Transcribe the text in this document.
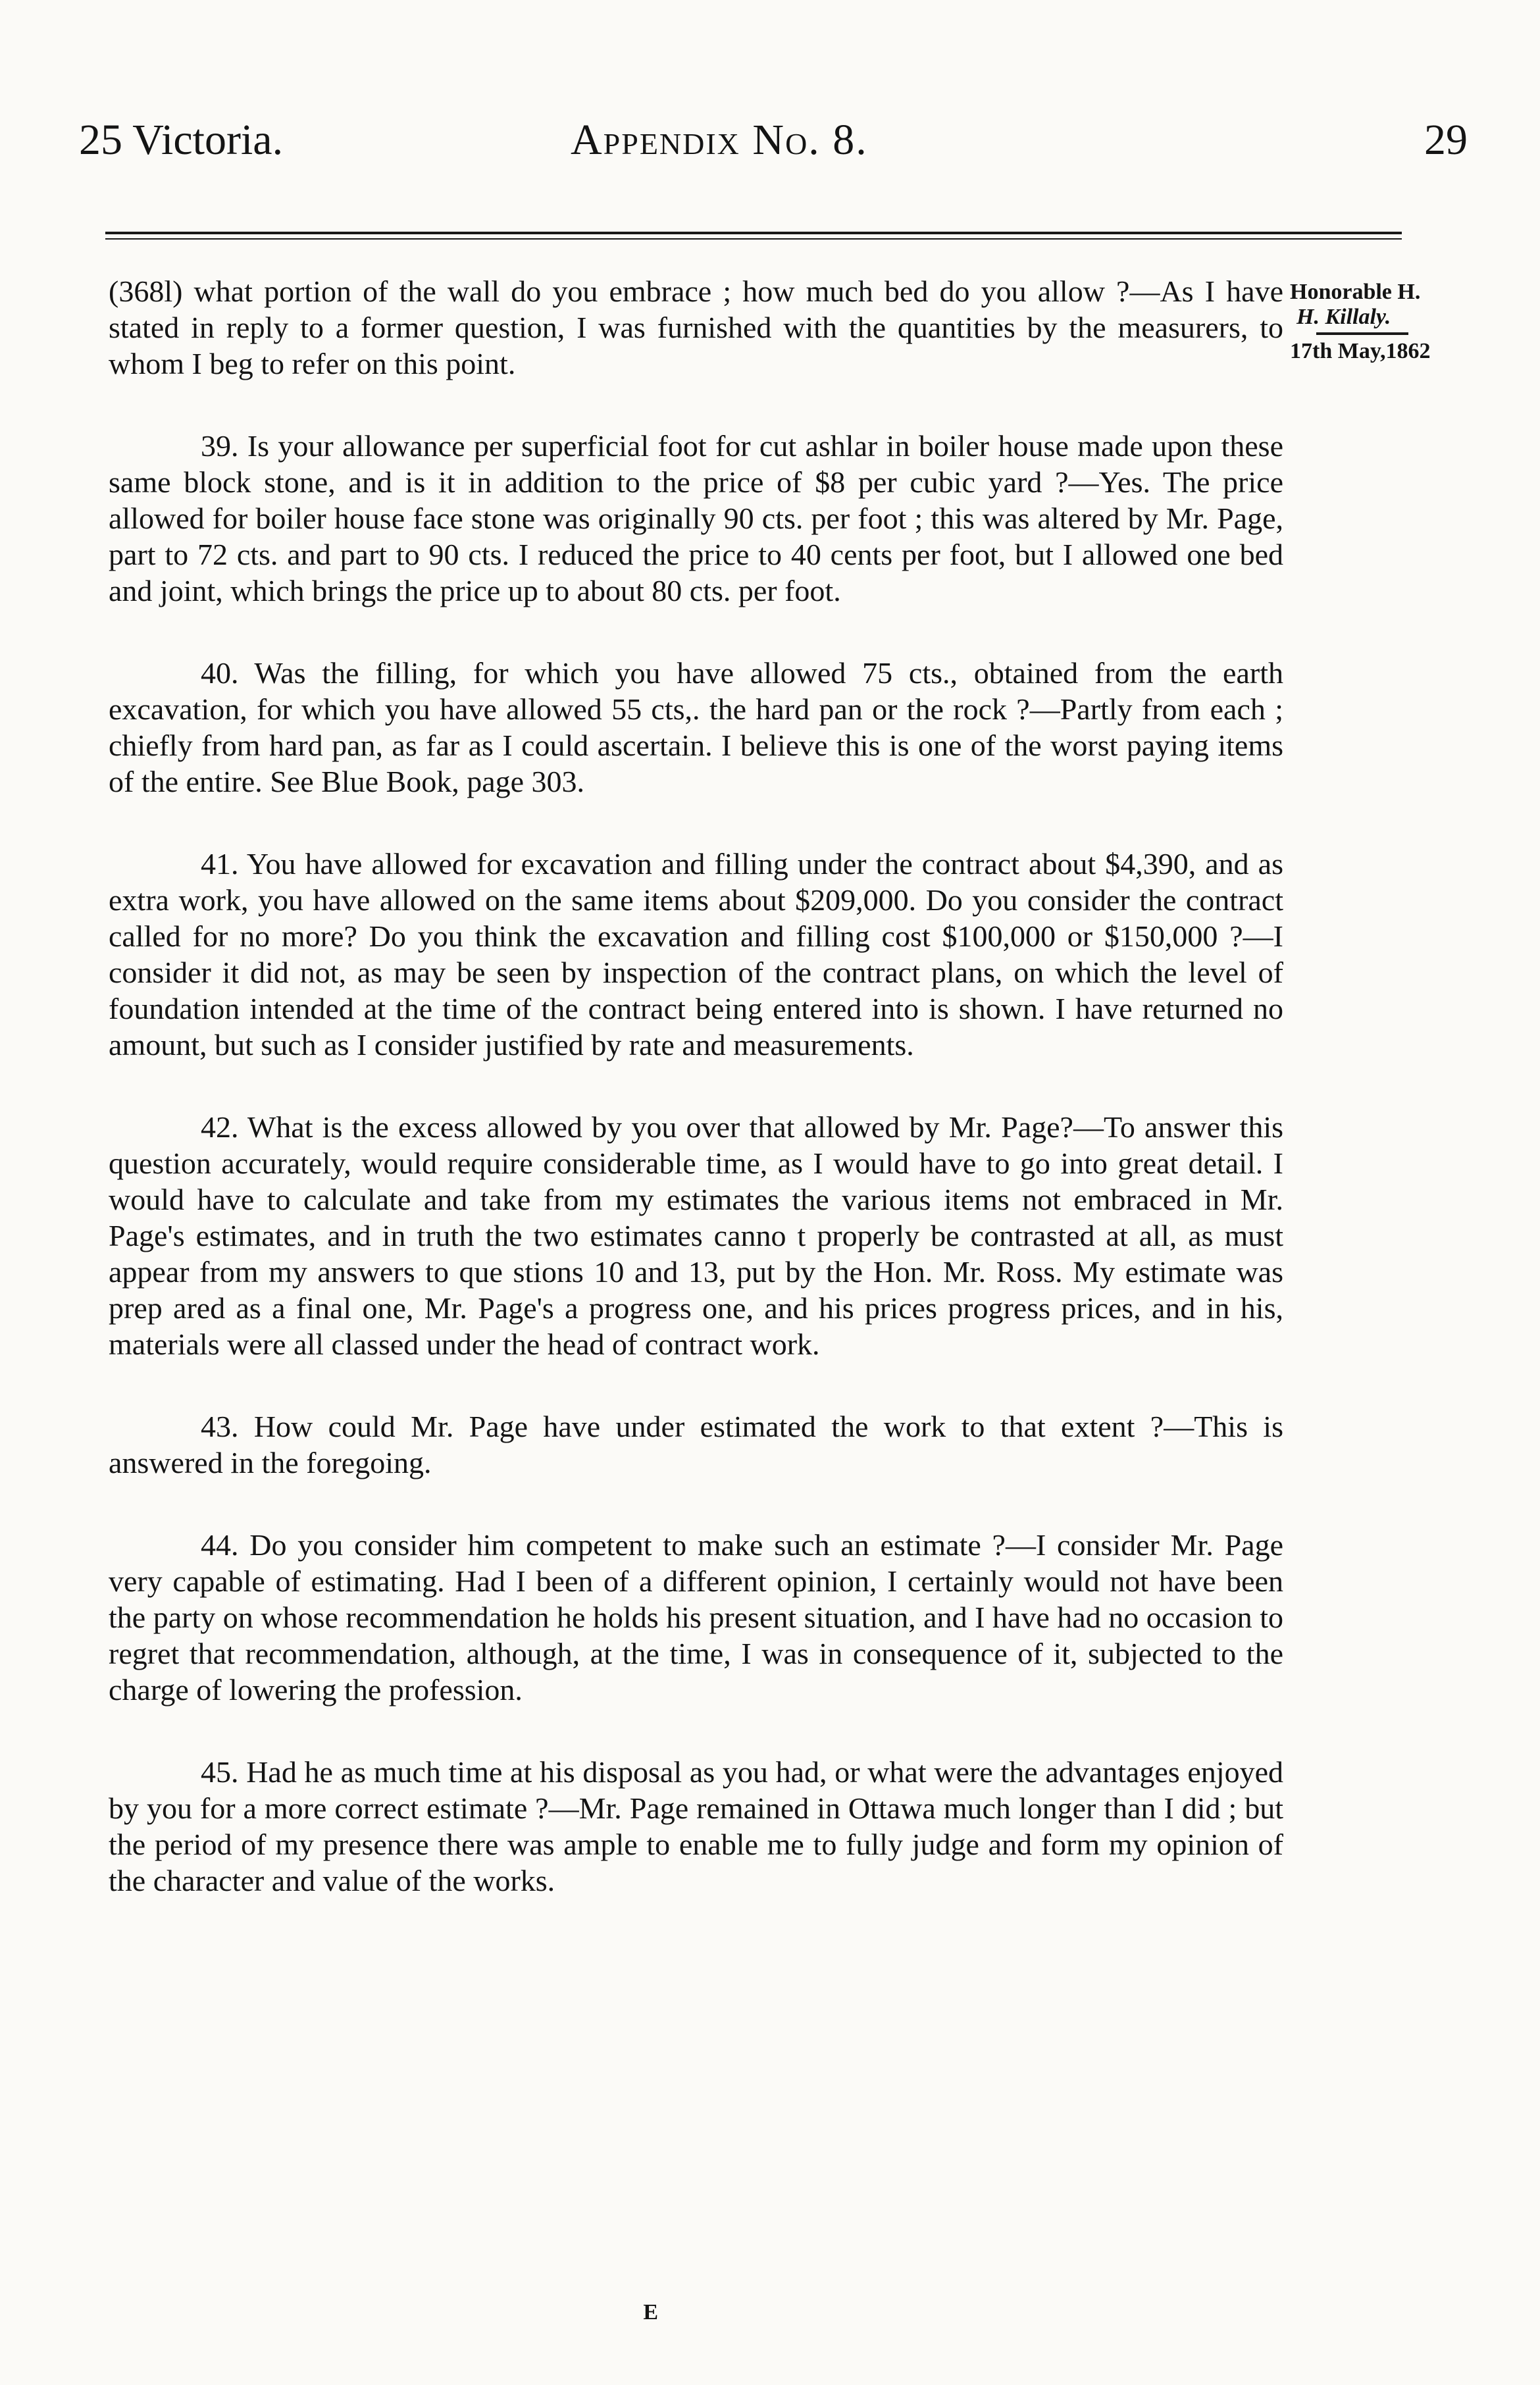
25 Victoria.	Appendix No. 8.	29
Honorable H.
H. Killaly.
17th May,1862

(368l) what portion of the wall do you embrace ; how much bed do you allow ?—As I have stated in reply to a former question, I was furnished with the quantities by the measurers, to whom I beg to refer on this point.

39. Is your allowance per superficial foot for cut ashlar in boiler house made upon these same block stone, and is it in addition to the price of $8 per cubic yard ?—Yes. The price allowed for boiler house face stone was originally 90 cts. per foot ; this was altered by Mr. Page, part to 72 cts. and part to 90 cts. I reduced the price to 40 cents per foot, but I allowed one bed and joint, which brings the price up to about 80 cts. per foot.

40. Was the filling, for which you have allowed 75 cts., obtained from the earth excavation, for which you have allowed 55 cts,. the hard pan or the rock ?—Partly from each ; chiefly from hard pan, as far as I could ascertain. I believe this is one of the worst paying items of the entire. See Blue Book, page 303.

41. You have allowed for excavation and filling under the contract about $4,390, and as extra work, you have allowed on the same items about $209,000. Do you consider the contract called for no more? Do you think the excavation and filling cost $100,000 or $150,000 ?—I consider it did not, as may be seen by inspection of the contract plans, on which the level of foundation intended at the time of the contract being entered into is shown. I have returned no amount, but such as I consider justified by rate and measurements.

42. What is the excess allowed by you over that allowed by Mr. Page?—To answer this question accurately, would require considerable time, as I would have to go into great detail. I would have to calculate and take from my estimates the various items not embraced in Mr. Page's estimates, and in truth the two estimates canno t properly be contrasted at all, as must appear from my answers to que stions 10 and 13, put by the Hon. Mr. Ross. My estimate was prep ared as a final one, Mr. Page's a progress one, and his prices progress prices, and in his, materials were all classed under the head of contract work.

43. How could Mr. Page have under estimated the work to that extent ?—This is answered in the foregoing.

44. Do you consider him competent to make such an estimate ?—I consider Mr. Page very capable of estimating. Had I been of a different opinion, I certainly would not have been the party on whose recommendation he holds his present situation, and I have had no occasion to regret that recommendation, although, at the time, I was in consequence of it, subjected to the charge of lowering the profession.

45. Had he as much time at his disposal as you had, or what were the advantages enjoyed by you for a more correct estimate ?—Mr. Page remained in Ottawa much longer than I did ; but the period of my presence there was ample to enable me to fully judge and form my opinion of the character and value of the works.

E
